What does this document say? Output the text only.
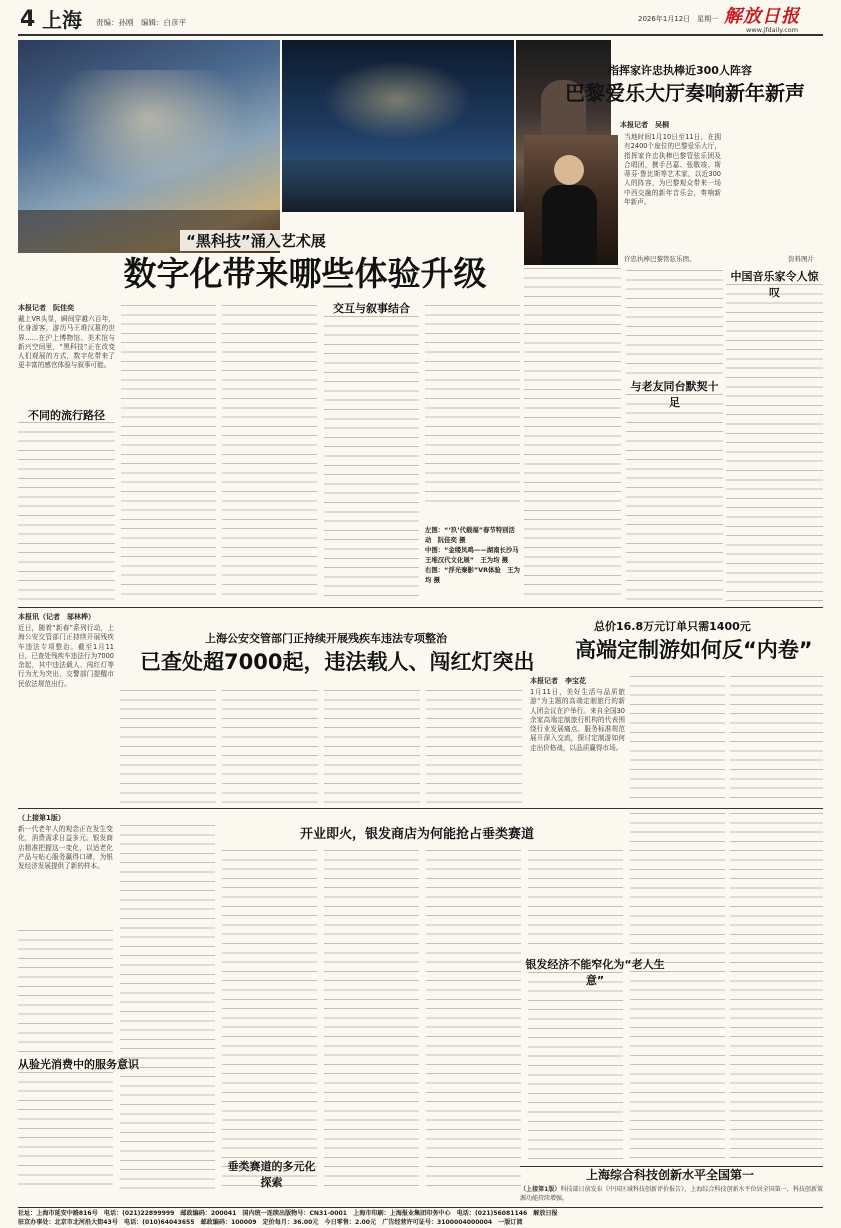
4 上海 责编：孙刚　编辑：白彦平	2026年1月12日　星期一 解放日报
www.jfdaily.com
“黑科技”涌入艺术展
数字化带来哪些体验升级
本报记者　阮佳奕
戴上VR头显，瞬间穿越六百年，化身游客，游历马王堆汉墓的世界……在沪上博物馆、美术馆与新兴空间里，“黑科技”正在改变人们观展的方式，数字化带来了更丰富的感官体验与叙事可能。
不同的流行路径
交互与叙事结合
左图：“‘玖’代载福”春节特别活动　阮佳奕 摄
中图：“金缕凤鸣——湖南长沙马王堆汉代文化展”　王为均 摄
右图：“浮光秦影”VR体验　王为均 摄
指挥家许忠执棒近300人阵容
巴黎爱乐大厅奏响新年新声
本报记者　吴桐
许忠执棒巴黎管弦乐团。	资料图片
当地时间1月10日至11日，在拥有2400个座位的巴黎爱乐大厅，指挥家许忠执棒巴黎管弦乐团及合唱团，携手吕嘉、张敬竣、斯蒂芬·鲁比斯等艺术家，以近300人的阵容，为巴黎观众带来一场中西交融的新年音乐会，奏响新年新声。
与老友同台默契十足
中国音乐家令人惊叹
上海公安交管部门正持续开展残疾车违法专项整治
已查处超7000起，违法载人、闯红灯突出
本报讯（记者　邬林桦）
近日，随着“新春”系列行动，上海公安交管部门正持续开展残疾车违法专项整治。截至1月11日，已查处残疾车违法行为7000余起，其中违法载人、闯红灯等行为尤为突出，交警部门提醒市民依法规范出行。
总价16.8万元订单只需1400元
高端定制游如何反“内卷”
本报记者　李宝花
1月11日，美好生活与品质旅游“为主题的高端定制旅行的新人团会议在沪举行。来自全国30余家高端定制旅行机构的代表围绕行业发展痛点、服务标准规范展开深入交流，探讨定制游如何走出价格战，以品质赢得市场。
（上接第1版）
开业即火，银发商店为何能抢占垂类赛道
新一代老年人的观念正在发生变化，消费需求日益多元。银发商店精准把握这一变化，以适老化产品与贴心服务赢得口碑，为银发经济发展提供了新的样本。
从验光消费中的服务意识
垂类赛道的多元化探索
银发经济不能窄化为“老人生意”
上海综合科技创新水平全国第一
（上接第1版）科技部日前发布《中国区域科技创新评价报告》，上海综合科技创新水平位居全国第一，科技创新策源功能持续增强。
社址：上海市延安中路816号　电话：(021)22899999　邮政编码：200041　国内统一连续出版物号：CN31-0001　上海市印刷：上海报业集团印务中心　电话：(021)56081146　解放日报
驻京办事处：北京市北河沿大街43号　电话：(010)64043655　邮政编码：100009　定价每月：36.00元　今日零售：2.00元　广告经营许可证号：3100004000004　一版订阅
